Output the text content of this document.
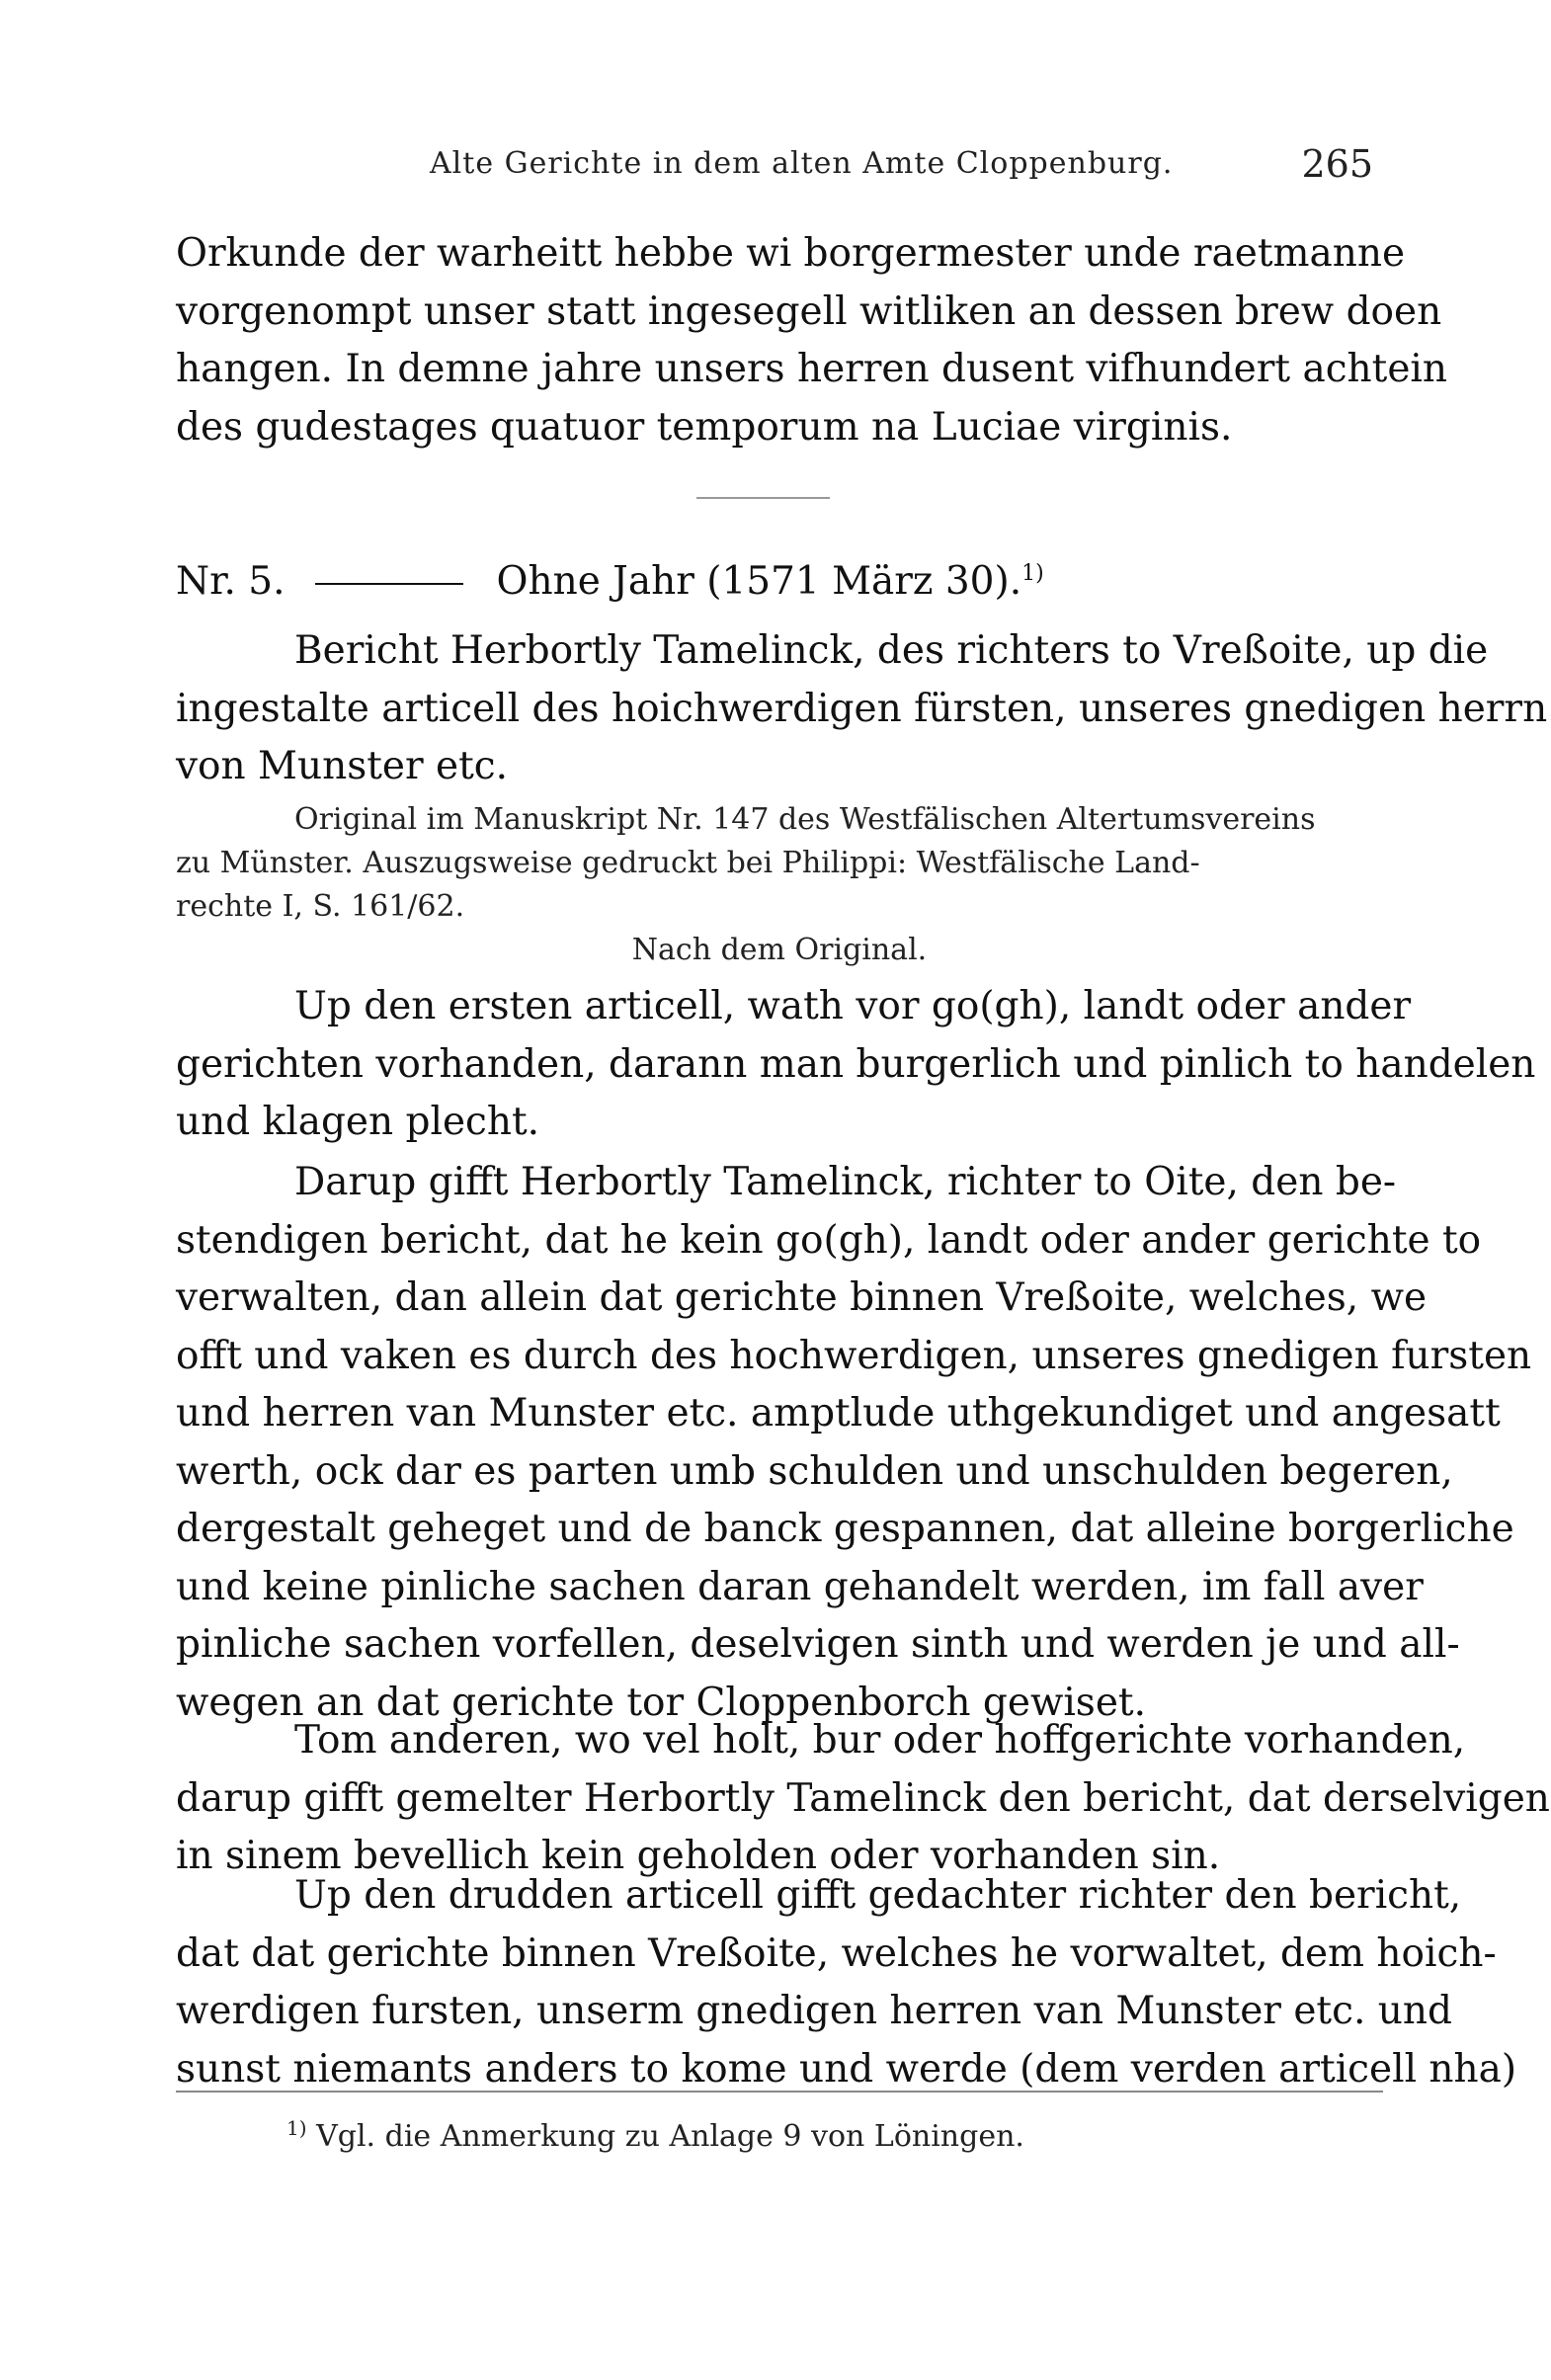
Alte Gerichte in dem alten Amte Cloppenburg.	265
Orkunde der warheitt hebbe wi borgermester unde raetmanne
vorgenompt unser statt ingesegell witliken an dessen brew doen
hangen. In demne jahre unsers herren dusent vifhundert achtein
des gudestages quatuor temporum na Luciae virginis.
Nr. 5.	Ohne Jahr (1571 März 30).$^{1)}$
Bericht Herbortly Tamelinck, des richters to Vreßoite, up die
ingestalte articell des hoichwerdigen fürsten, unseres gnedigen herrn
von Munster etc.
Original im Manuskript Nr. 147 des Westfälischen Altertumsvereins
zu Münster. Auszugsweise gedruckt bei Philippi: Westfälische Land-
rechte I, S. 161/62.
Nach dem Original.
Up den ersten articell, wath vor go(gh), landt oder ander
gerichten vorhanden, darann man burgerlich und pinlich to handelen
und klagen plecht.
Darup gifft Herbortly Tamelinck, richter to Oite, den be-
stendigen bericht, dat he kein go(gh), landt oder ander gerichte to
verwalten, dan allein dat gerichte binnen Vreßoite, welches, we
offt und vaken es durch des hochwerdigen, unseres gnedigen fursten
und herren van Munster etc. amptlude uthgekundiget und angesatt
werth, ock dar es parten umb schulden und unschulden begeren,
dergestalt geheget und de banck gespannen, dat alleine borgerliche
und keine pinliche sachen daran gehandelt werden, im fall aver
pinliche sachen vorfellen, deselvigen sinth und werden je und all-
wegen an dat gerichte tor Cloppenborch gewiset.
Tom anderen, wo vel holt, bur oder hoffgerichte vorhanden,
darup gifft gemelter Herbortly Tamelinck den bericht, dat derselvigen
in sinem bevellich kein geholden oder vorhanden sin.
Up den drudden articell gifft gedachter richter den bericht,
dat dat gerichte binnen Vreßoite, welches he vorwaltet, dem hoich-
werdigen fursten, unserm gnedigen herren van Munster etc. und
sunst niemants anders to kome und werde (dem verden articell nha)
$^{1)}$ Vgl. die Anmerkung zu Anlage 9 von Löningen.
